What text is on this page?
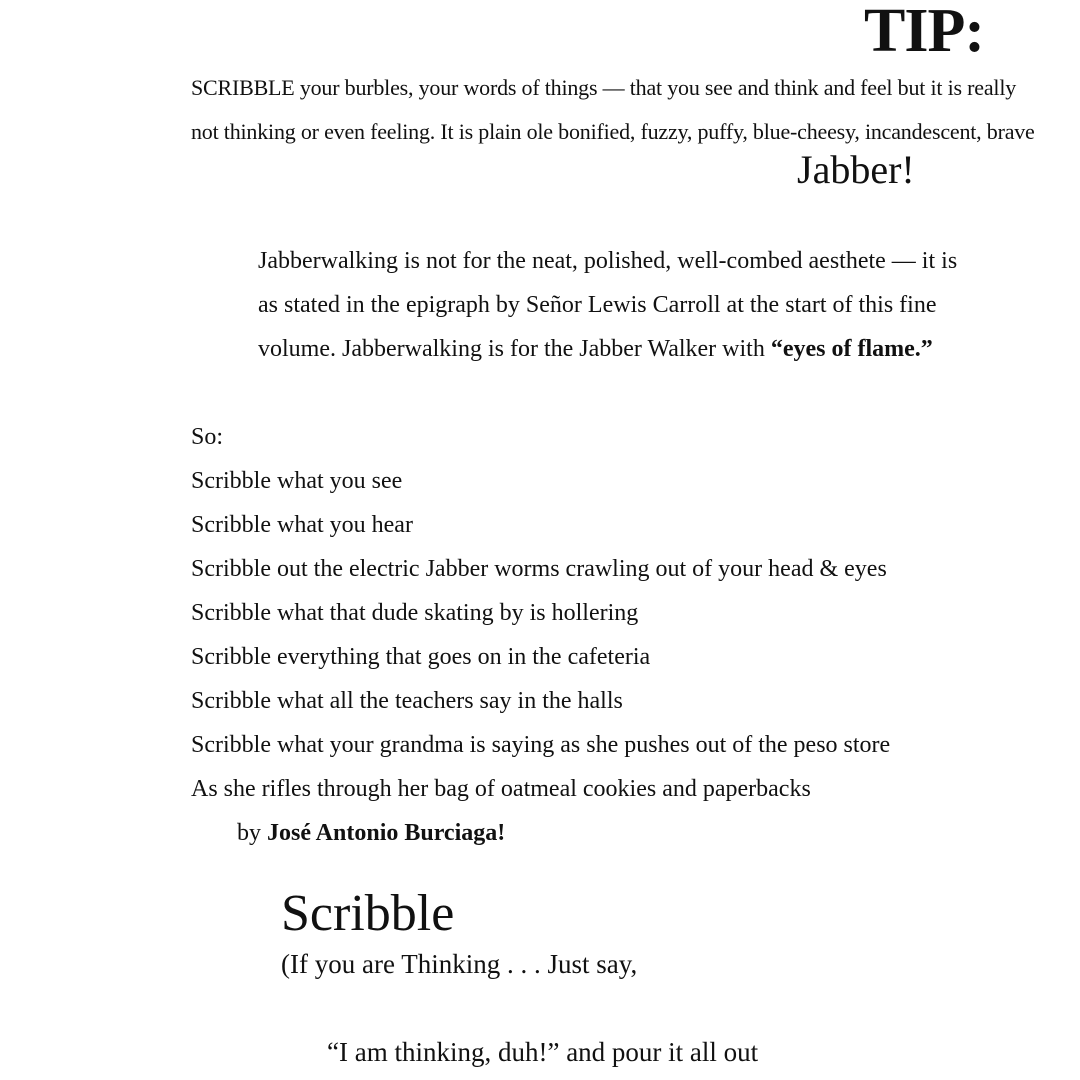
TIP:
SCRIBBLE your burbles, your words of things — that you see and think and feel but it is really
not thinking or even feeling. It is plain ole bonified, fuzzy, puffy, blue-cheesy, incandescent, brave
Jabber!
Jabberwalking is not for the neat, polished, well-combed aesthete — it is
as stated in the epigraph by Señor Lewis Carroll at the start of this fine
volume. Jabberwalking is for the Jabber Walker with “eyes of flame.”
So:
Scribble what you see
Scribble what you hear
Scribble out the electric Jabber worms crawling out of your head & eyes
Scribble what that dude skating by is hollering
Scribble everything that goes on in the cafeteria
Scribble what all the teachers say in the halls
Scribble what your grandma is saying as she pushes out of the peso store
As she rifles through her bag of oatmeal cookies and paperbacks
by José Antonio Burciaga!
Scribble
(If you are Thinking . . . Just say,
“I am thinking, duh!” and pour it all out
